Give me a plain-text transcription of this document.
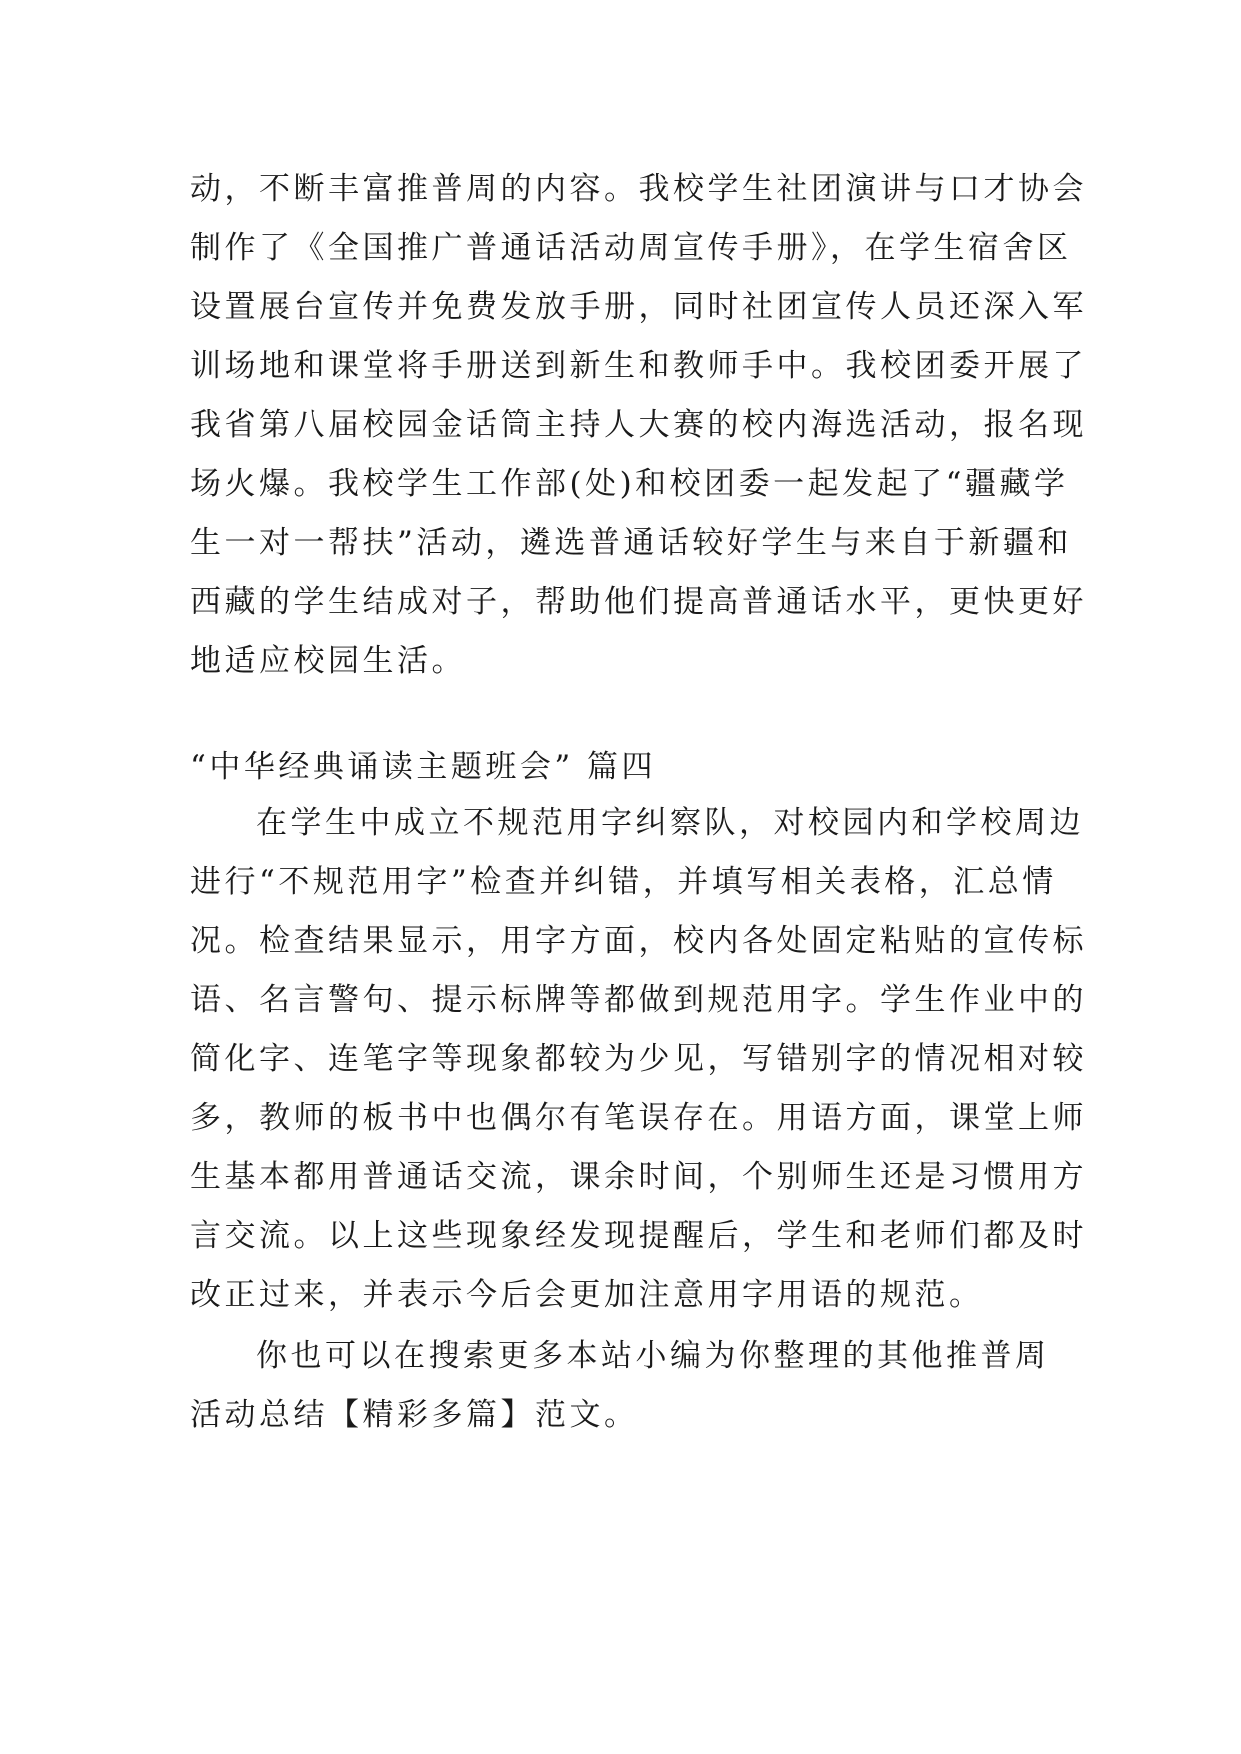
动，不断丰富推普周的内容。我校学生社团演讲与口才协会
制作了《全国推广普通话活动周宣传手册》，在学生宿舍区
设置展台宣传并免费发放手册，同时社团宣传人员还深入军
训场地和课堂将手册送到新生和教师手中。我校团委开展了
我省第八届校园金话筒主持人大赛的校内海选活动，报名现
场火爆。我校学生工作部(处)和校团委一起发起了“疆藏学
生一对一帮扶”活动，遴选普通话较好学生与来自于新疆和
西藏的学生结成对子，帮助他们提高普通话水平，更快更好
地适应校园生活。
“中华经典诵读主题班会” 篇四
在学生中成立不规范用字纠察队，对校园内和学校周边
进行“不规范用字”检查并纠错，并填写相关表格，汇总情
况。检查结果显示，用字方面，校内各处固定粘贴的宣传标
语、名言警句、提示标牌等都做到规范用字。学生作业中的
简化字、连笔字等现象都较为少见，写错别字的情况相对较
多，教师的板书中也偶尔有笔误存在。用语方面，课堂上师
生基本都用普通话交流，课余时间，个别师生还是习惯用方
言交流。以上这些现象经发现提醒后，学生和老师们都及时
改正过来，并表示今后会更加注意用字用语的规范。
你也可以在搜索更多本站小编为你整理的其他推普周
活动总结【精彩多篇】范文。
